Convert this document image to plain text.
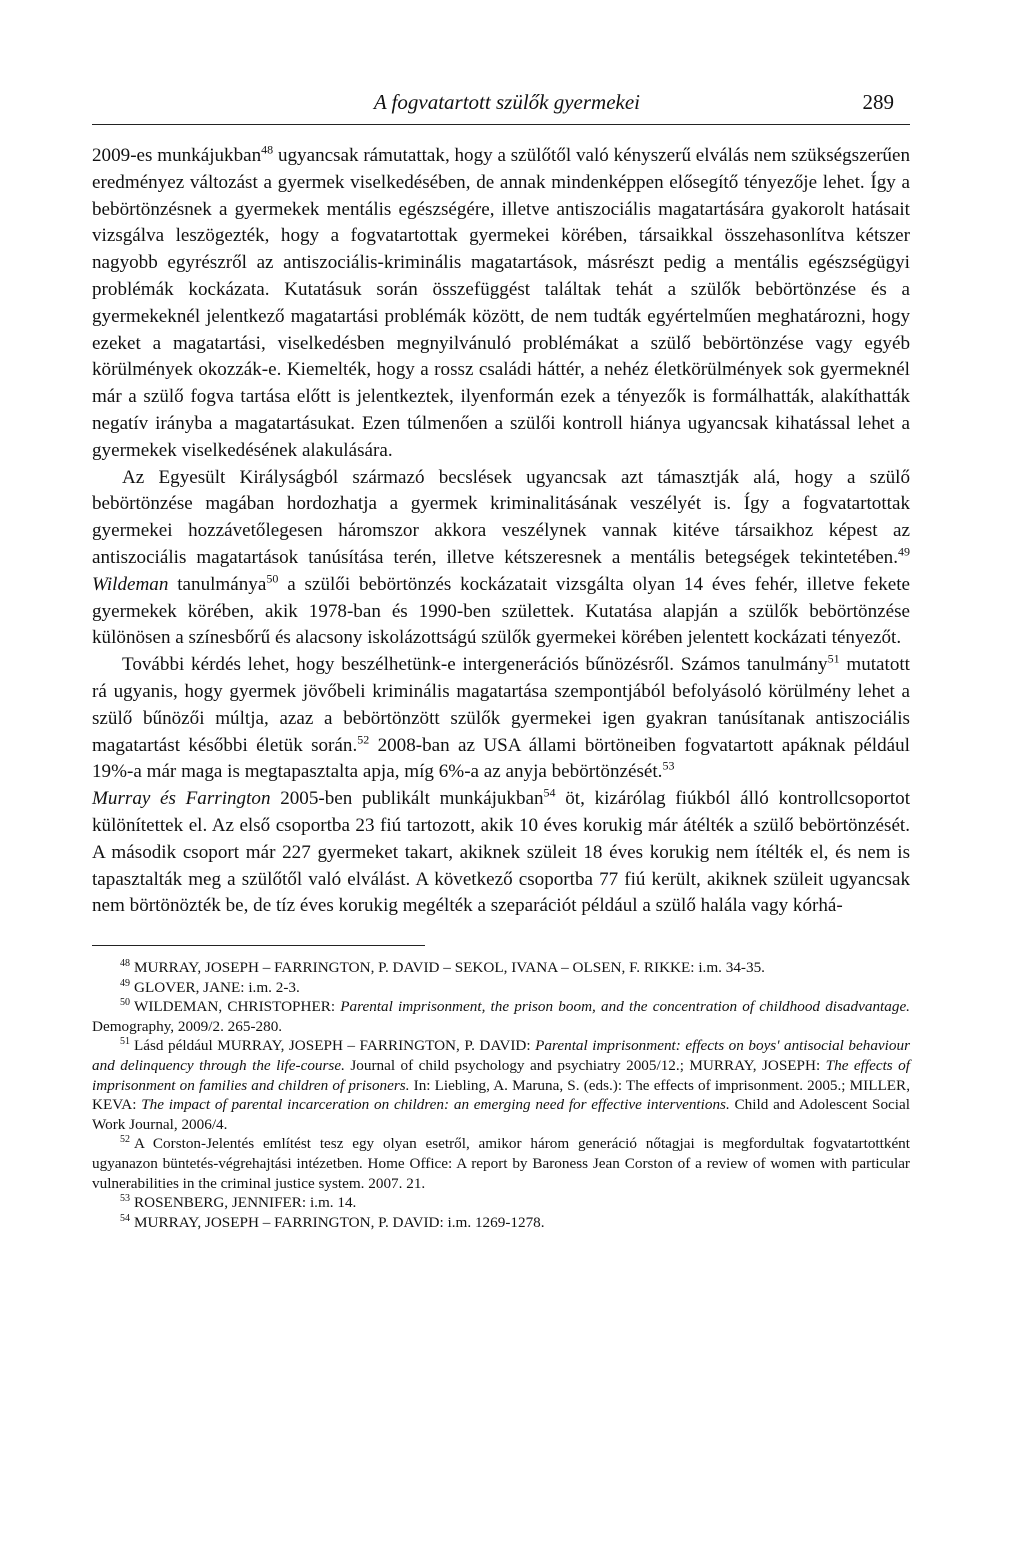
A fogvatartott szülők gyermekei	289

2009-es munkájukban$^{48}$ ugyancsak rámutattak, hogy a szülőtől való kényszerű elválás nem szükségszerűen eredményez változást a gyermek viselkedésében, de annak mindenképpen elősegítő tényezője lehet. Így a bebörtönzésnek a gyermekek mentális egészségére, illetve antiszociális magatartására gyakorolt hatásait vizsgálva leszögezték, hogy a fogvatartottak gyermekei körében, társaikkal összehasonlítva kétszer nagyobb egyrészről az antiszociális-kriminális magatartások, másrészt pedig a mentális egészségügyi problémák kockázata. Kutatásuk során összefüggést találtak tehát a szülők bebörtönzése és a gyermekeknél jelentkező magatartási problémák között, de nem tudták egyértelműen meghatározni, hogy ezeket a magatartási, viselkedésben megnyilvánuló problémákat a szülő bebörtönzése vagy egyéb körülmények okozzák-e. Kiemelték, hogy a rossz családi háttér, a nehéz életkörülmények sok gyermeknél már a szülő fogva tartása előtt is jelentkeztek, ilyenformán ezek a tényezők is formálhatták, alakíthatták negatív irányba a magatartásukat. Ezen túlmenően a szülői kontroll hiánya ugyancsak kihatással lehet a gyermekek viselkedésének alakulására.

Az Egyesült Királyságból származó becslések ugyancsak azt támasztják alá, hogy a szülő bebörtönzése magában hordozhatja a gyermek kriminalitásának veszélyét is. Így a fogvatartottak gyermekei hozzávetőlegesen háromszor akkora veszélynek vannak kitéve társaikhoz képest az antiszociális magatartások tanúsítása terén, illetve kétszeresnek a mentális betegségek tekintetében.$^{49}$ Wildeman tanulmánya$^{50}$ a szülői bebörtönzés kockázatait vizsgálta olyan 14 éves fehér, illetve fekete gyermekek körében, akik 1978-ban és 1990-ben születtek. Kutatása alapján a szülők bebörtönzése különösen a színesbőrű és alacsony iskolázottságú szülők gyermekei körében jelentett kockázati tényezőt.

További kérdés lehet, hogy beszélhetünk-e intergenerációs bűnözésről. Számos tanulmány$^{51}$ mutatott rá ugyanis, hogy gyermek jövőbeli kriminális magatartása szempontjából befolyásoló körülmény lehet a szülő bűnözői múltja, azaz a bebörtönzött szülők gyermekei igen gyakran tanúsítanak antiszociális magatartást későbbi életük során.$^{52}$ 2008-ban az USA állami börtöneiben fogvatartott apáknak például 19%-a már maga is megtapasztalta apja, míg 6%-a az anyja bebörtönzését.$^{53}$

Murray és Farrington 2005-ben publikált munkájukban$^{54}$ öt, kizárólag fiúkból álló kontrollcsoportot különítettek el. Az első csoportba 23 fiú tartozott, akik 10 éves korukig már átélték a szülő bebörtönzését. A második csoport már 227 gyermeket takart, akiknek szüleit 18 éves korukig nem ítélték el, és nem is tapasztalták meg a szülőtől való elválást. A következő csoportba 77 fiú került, akiknek szüleit ugyancsak nem börtönözték be, de tíz éves korukig megélték a szeparációt például a szülő halála vagy kórhá-

$^{48}$ MURRAY, JOSEPH – FARRINGTON, P. DAVID – SEKOL, IVANA – OLSEN, F. RIKKE: i.m. 34-35.

$^{49}$ GLOVER, JANE: i.m. 2-3.

$^{50}$ WILDEMAN, CHRISTOPHER: Parental imprisonment, the prison boom, and the concentration of childhood disadvantage. Demography, 2009/2. 265-280.

$^{51}$ Lásd például MURRAY, JOSEPH – FARRINGTON, P. DAVID: Parental imprisonment: effects on boys' antisocial behaviour and delinquency through the life-course. Journal of child psychology and psychiatry 2005/12.; MURRAY, JOSEPH: The effects of imprisonment on families and children of prisoners. In: Liebling, A. Maruna, S. (eds.): The effects of imprisonment. 2005.; MILLER, KEVA: The impact of parental incarceration on children: an emerging need for effective interventions. Child and Adolescent Social Work Journal, 2006/4.

$^{52}$ A Corston-Jelentés említést tesz egy olyan esetről, amikor három generáció nőtagjai is megfordultak fogvatartottként ugyanazon büntetés-végrehajtási intézetben. Home Office: A report by Baroness Jean Corston of a review of women with particular vulnerabilities in the criminal justice system. 2007. 21.

$^{53}$ ROSENBERG, JENNIFER: i.m. 14.

$^{54}$ MURRAY, JOSEPH – FARRINGTON, P. DAVID: i.m. 1269-1278.
